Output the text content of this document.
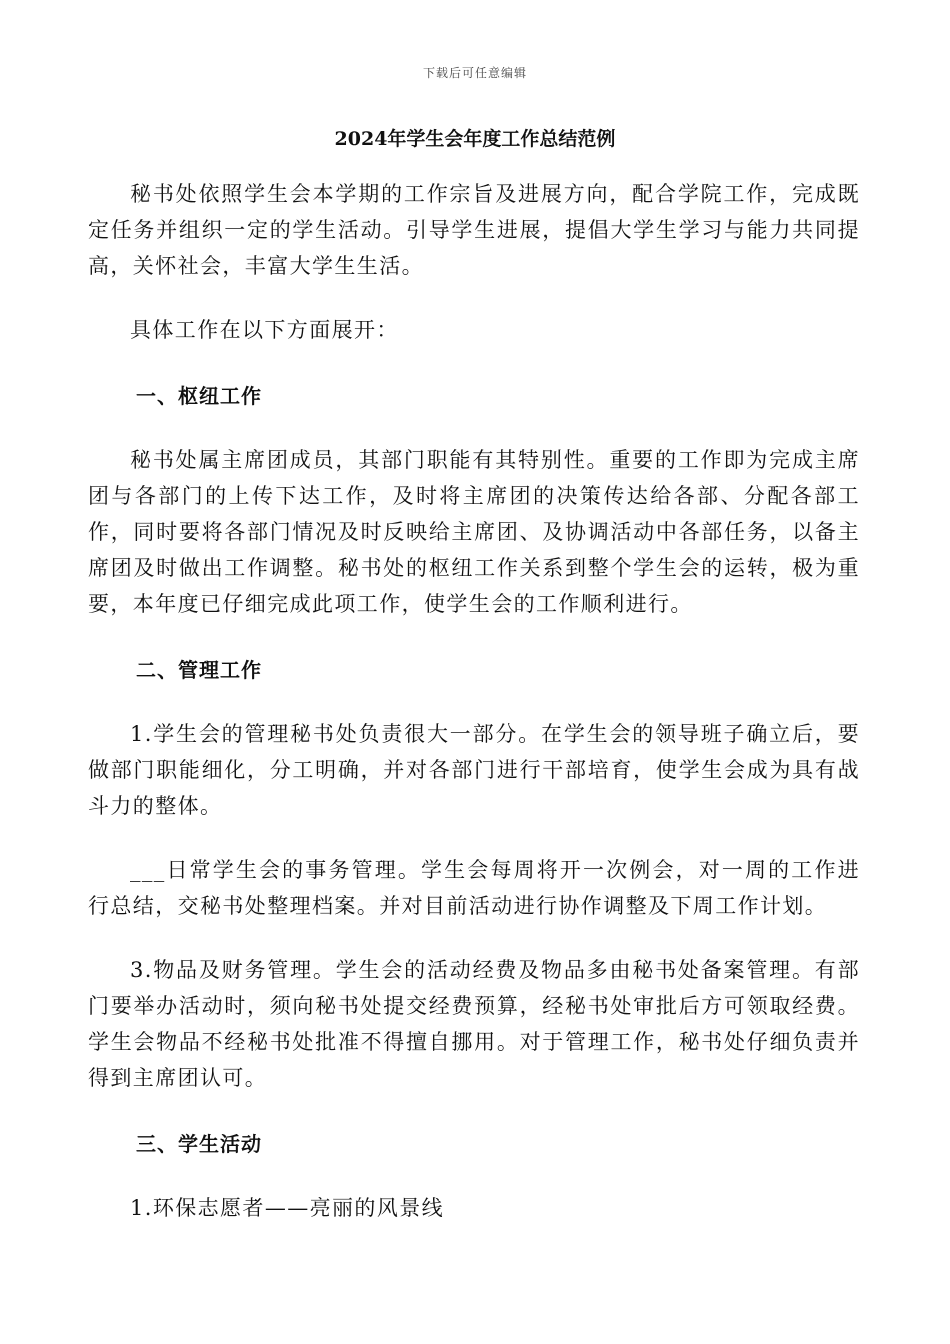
下载后可任意编辑
2024年学生会年度工作总结范例

秘书处依照学生会本学期的工作宗旨及进展方向，配合学院工作，完成既定任务并组织一定的学生活动。引导学生进展，提倡大学生学习与能力共同提高，关怀社会，丰富大学生生活。

具体工作在以下方面展开：

一、枢纽工作

秘书处属主席团成员，其部门职能有其特别性。重要的工作即为完成主席团与各部门的上传下达工作，及时将主席团的决策传达给各部、分配各部工作，同时要将各部门情况及时反映给主席团、及协调活动中各部任务，以备主席团及时做出工作调整。秘书处的枢纽工作关系到整个学生会的运转，极为重要，本年度已仔细完成此项工作，使学生会的工作顺利进行。

二、管理工作

1.学生会的管理秘书处负责很大一部分。在学生会的领导班子确立后，要做部门职能细化，分工明确，并对各部门进行干部培育，使学生会成为具有战斗力的整体。

___日常学生会的事务管理。学生会每周将开一次例会，对一周的工作进行总结，交秘书处整理档案。并对目前活动进行协作调整及下周工作计划。

3.物品及财务管理。学生会的活动经费及物品多由秘书处备案管理。有部门要举办活动时，须向秘书处提交经费预算，经秘书处审批后方可领取经费。学生会物品不经秘书处批准不得擅自挪用。对于管理工作，秘书处仔细负责并得到主席团认可。

三、学生活动

1.环保志愿者——亮丽的风景线
